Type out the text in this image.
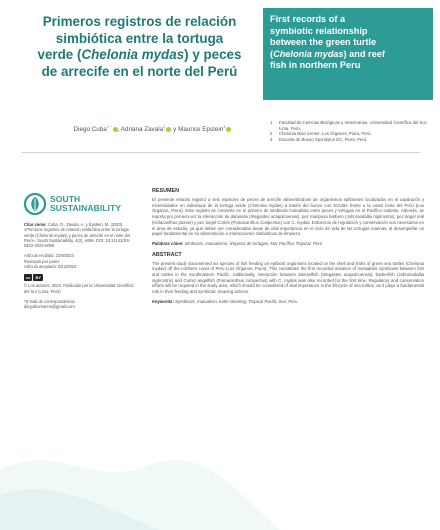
Primeros registros de relación
simbiótica entre la tortuga
verde (Chelonia mydas) y peces
de arrecife en el norte del Perú
First records of a
symbiotic relationship
between the green turtle
(Chelonia mydas) and reef
fish in northern Peru
Diego Cuba$^{1,*}$ , Adriana Zavala$^2$ y Maurice Epstein$^3$
1	Facultad de Ciencias Biológicas y Veterinarias, Universidad Científica del Sur, Lima, Perú.
2	Chelonia Dive Center, Los Órganos, Piura, Perú.
3	Escuela de Buceo Spondylus DC, Piura, Perú.
SOUTH
SUSTAINABILITY
Citar como: Cuba, D., Zavala, A. y Epstein, M. (2023). «Primeros registros de relación simbiótica entre la tortuga verde (Chelonia mydas) y peces de arrecife en el norte del Perú». South Sustainability, 4(2), e086. DOI: 10.21142/SS-0402-2023-e086
Artículo recibido: 21/9/2023
Revisado por pares
Artículo aceptado: 5/12/2023
cc	BY
© Los autores, 2023. Publicado por la Universidad Científica del Sur (Lima, Perú)
*E-mail de correspondencia:
diegobiomarino@gmail.com
RESUMEN
El presente estudio registró a seis especies de peces de arrecife alimentándose de organismos epibiontes localizados en el caparazón y extremidades en individuos de la tortuga verde (Chelonia mydas) a través del buceo con SCUBA frente a la costa norte del Perú (Los Órganos, Piura). Este registro se convierte en el primero de simbiosis mutualista entre peces y tortugas en el Pacífico sudeste. Además, se reporta por primera vez la interacción de damisela (Stegastes acapulcoensis), pez mariposa barbero (Johnrandallia nigrirostris), pez ángel real (Holacanthus passer) y pez ángel Cortés (Pomacanthus zonipectus) con C. mydas. Esfuerzos de regulación y conservación son necesarios en el área de estudio, ya que deben ser consideradas áreas de vital importancia en el ciclo de vida de las tortugas marinas, al desempeñar un papel fundamental en su alimentación e interacciones simbióticas de limpieza.
Palabras clave: Simbiosis, mutualismo, limpieza de tortugas, Mar Pacífico Tropical, Perú
ABSTRACT
The present study documented six species of fish feeding on epibiont organisms located on the shell and limbs of green sea turtles (Chelonia mydas) off the northern coast of Peru (Los Órganos, Piura). This constitutes the first recorded instance of mutualistic symbiosis between fish and turtles in the Southeastern Pacific. Additionally, interaction between damselfish (Stegastes acapulcoensis), barberfish (Johnrandallia nigrirostris) and Cortez angelfish (Pomacanthus zonipectus) with C. mydas was also recorded for the first time. Regulatory and conservation efforts will be required in the study area, which should be considered of vital importance in the lifecycle of sea turtles, as it plays a fundamental role in their feeding and symbiotic cleaning actions.
Keywords: Symbiosis, mutualism, turtle cleaning, Tropical Pacific Sea, Peru
